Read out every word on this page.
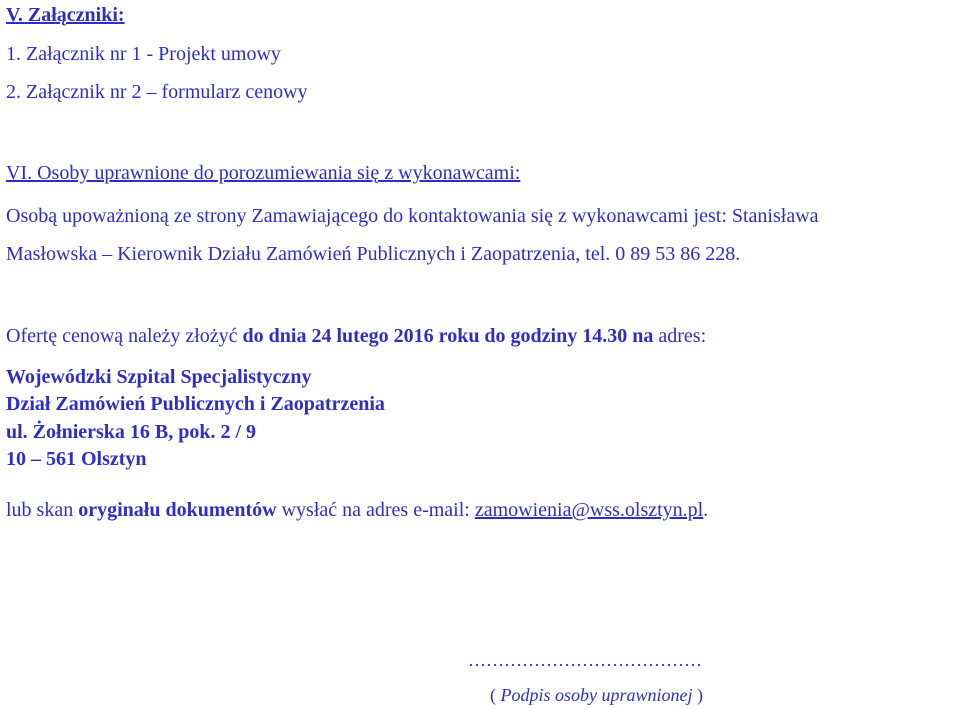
V. Załączniki:
1. Załącznik nr 1 - Projekt umowy
2. Załącznik nr 2 – formularz cenowy
VI. Osoby uprawnione do porozumiewania się z wykonawcami:
Osobą upoważnioną ze strony Zamawiającego do kontaktowania się z wykonawcami jest: Stanisława
Masłowska – Kierownik Działu Zamówień Publicznych i Zaopatrzenia, tel. 0 89 53 86 228.
Ofertę cenową należy złożyć do dnia 24 lutego 2016 roku do godziny 14.30 na adres:
Wojewódzki Szpital Specjalistyczny
Dział Zamówień Publicznych i Zaopatrzenia
ul. Żołnierska 16 B, pok. 2 / 9
10 – 561 Olsztyn
lub skan oryginału dokumentów wysłać na adres e-mail: zamowienia@wss.olsztyn.pl.
…………………………………
( Podpis osoby uprawnionej )
